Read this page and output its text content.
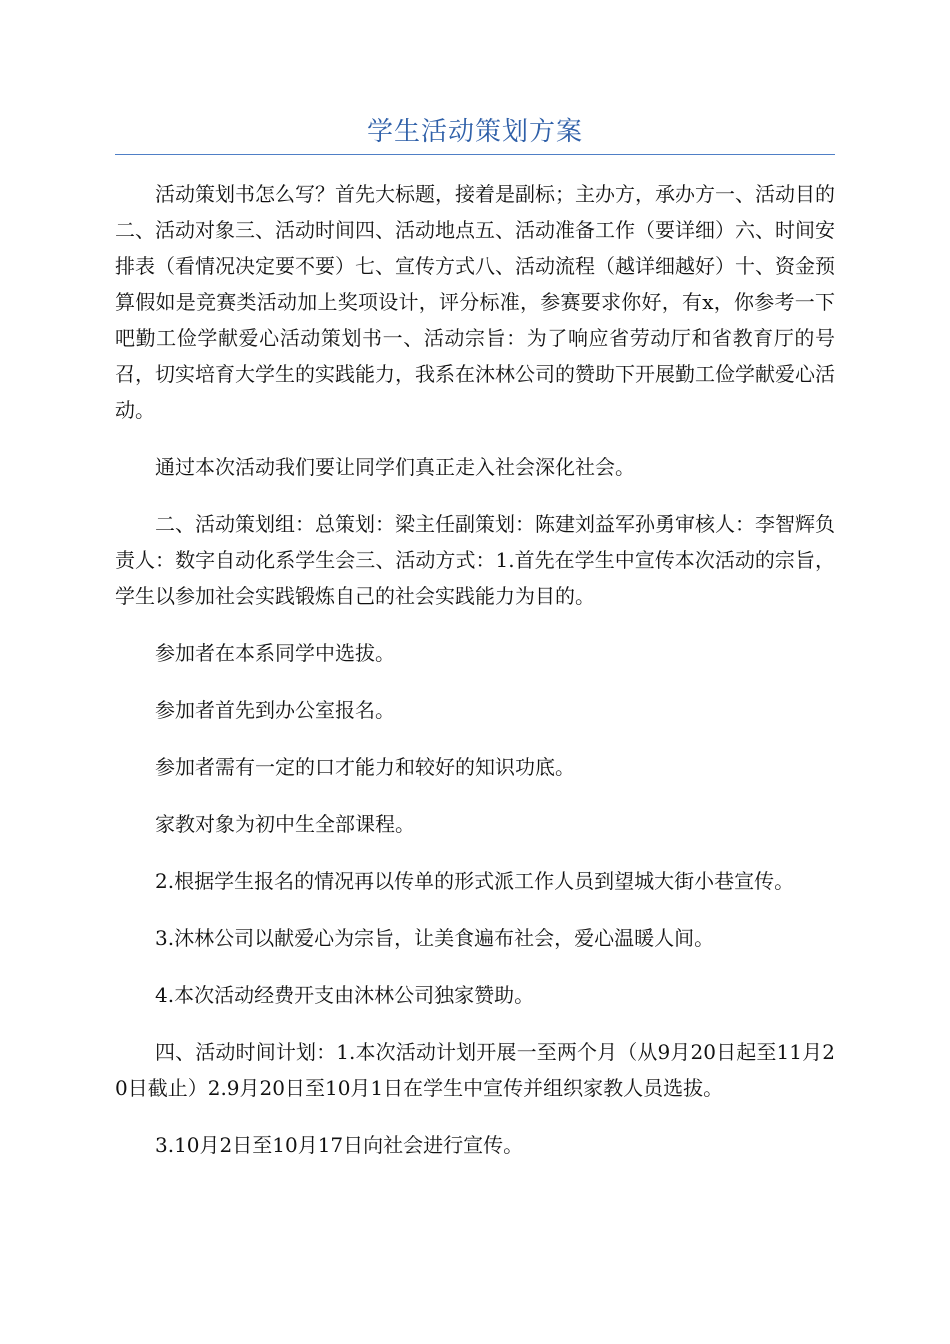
学生活动策划方案

活动策划书怎么写？首先大标题，接着是副标；主办方，承办方一、活动目的二、活动对象三、活动时间四、活动地点五、活动准备工作（要详细）六、时间安排表（看情况决定要不要）七、宣传方式八、活动流程（越详细越好）十、资金预算假如是竞赛类活动加上奖项设计，评分标准，参赛要求你好，有x，你参考一下吧勤工俭学献爱心活动策划书一、活动宗旨：为了响应省劳动厅和省教育厅的号召，切实培育大学生的实践能力，我系在沐林公司的赞助下开展勤工俭学献爱心活动。

通过本次活动我们要让同学们真正走入社会深化社会。

二、活动策划组：总策划：梁主任副策划：陈建刘益军孙勇审核人：李智辉负责人：数字自动化系学生会三、活动方式：1.首先在学生中宣传本次活动的宗旨，学生以参加社会实践锻炼自己的社会实践能力为目的。

参加者在本系同学中选拔。

参加者首先到办公室报名。

参加者需有一定的口才能力和较好的知识功底。

家教对象为初中生全部课程。

2.根据学生报名的情况再以传单的形式派工作人员到望城大街小巷宣传。

3.沐林公司以献爱心为宗旨，让美食遍布社会，爱心温暖人间。

4.本次活动经费开支由沐林公司独家赞助。

四、活动时间计划：1.本次活动计划开展一至两个月（从9月20日起至11月20日截止）2.9月20日至10月1日在学生中宣传并组织家教人员选拔。

3.10月2日至10月17日向社会进行宣传。
